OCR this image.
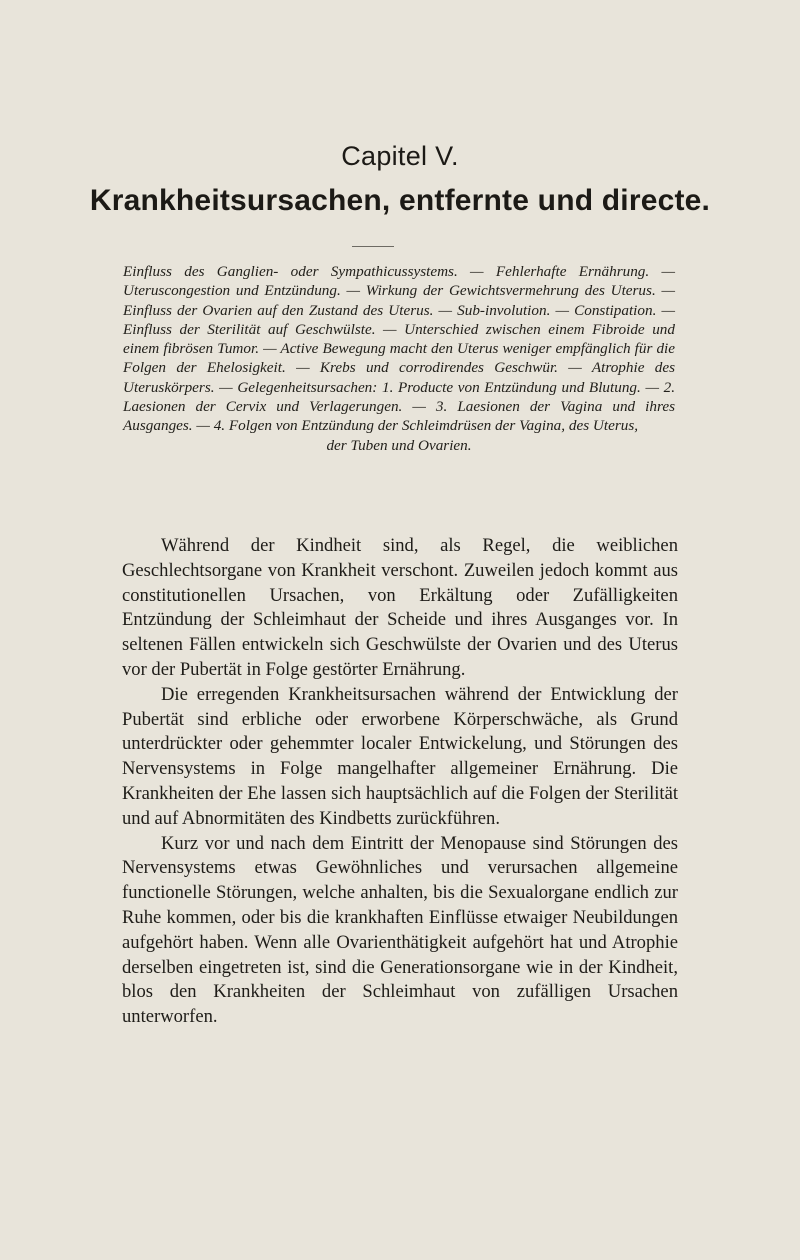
Capitel V.
Krankheitsursachen, entfernte und directe.
Einfluss des Ganglien- oder Sympathicussystems. — Fehlerhafte Ernährung. — Uteruscongestion und Entzündung. — Wirkung der Gewichtsvermehrung des Uterus. — Einfluss der Ovarien auf den Zustand des Uterus. — Sub-involution. — Constipation. — Einfluss der Sterilität auf Geschwülste. — Unterschied zwischen einem Fibroide und einem fibrösen Tumor. — Active Bewegung macht den Uterus weniger empfänglich für die Folgen der Ehelosigkeit. — Krebs und corrodirendes Geschwür. — Atrophie des Uteruskörpers. — Gelegenheitsursachen: 1. Producte von Entzündung und Blutung. — 2. Laesionen der Cervix und Verlagerungen. — 3. Laesionen der Vagina und ihres Ausganges. — 4. Folgen von Entzündung der Schleimdrüsen der Vagina, des Uterus,
der Tuben und Ovarien.

Während der Kindheit sind, als Regel, die weiblichen Geschlechtsorgane von Krankheit verschont. Zuweilen jedoch kommt aus constitutionellen Ursachen, von Erkältung oder Zufälligkeiten Entzündung der Schleimhaut der Scheide und ihres Ausganges vor. In seltenen Fällen entwickeln sich Geschwülste der Ovarien und des Uterus vor der Pubertät in Folge gestörter Ernährung.

Die erregenden Krankheitsursachen während der Entwicklung der Pubertät sind erbliche oder erworbene Körperschwäche, als Grund unterdrückter oder gehemmter localer Entwickelung, und Störungen des Nervensystems in Folge mangelhafter allgemeiner Ernährung. Die Krankheiten der Ehe lassen sich hauptsächlich auf die Folgen der Sterilität und auf Abnormitäten des Kindbetts zurückführen.

Kurz vor und nach dem Eintritt der Menopause sind Störungen des Nervensystems etwas Gewöhnliches und verursachen allgemeine functionelle Störungen, welche anhalten, bis die Sexualorgane endlich zur Ruhe kommen, oder bis die krankhaften Einflüsse etwaiger Neubildungen aufgehört haben. Wenn alle Ovarienthätigkeit aufgehört hat und Atrophie derselben eingetreten ist, sind die Generationsorgane wie in der Kindheit, blos den Krankheiten der Schleimhaut von zufälligen Ursachen unterworfen.
